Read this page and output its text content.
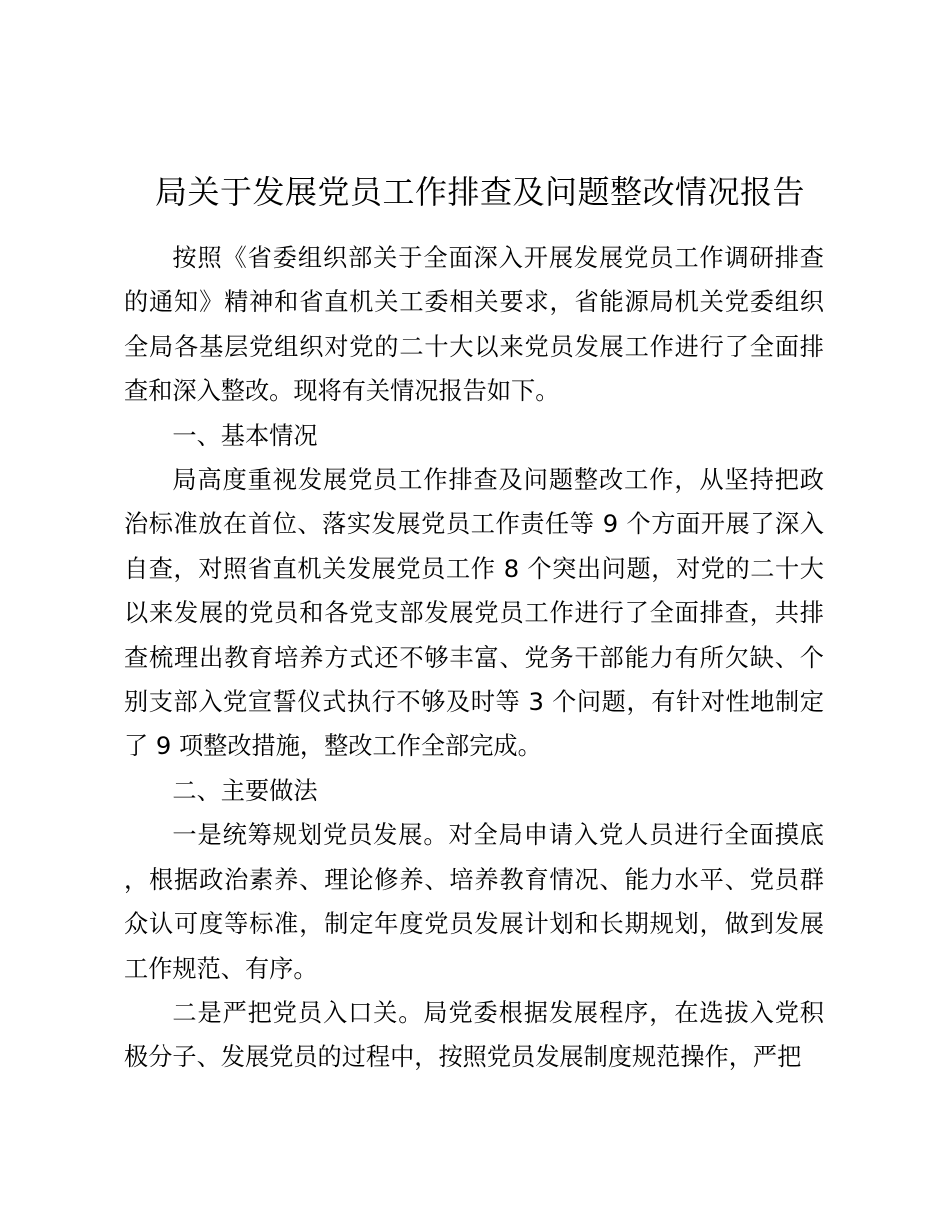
局关于发展党员工作排查及问题整改情况报告

按照《省委组织部关于全面深入开展发展党员工作调研排查的通知》精神和省直机关工委相关要求，省能源局机关党委组织全局各基层党组织对党的二十大以来党员发展工作进行了全面排查和深入整改。现将有关情况报告如下。

一、基本情况

局高度重视发展党员工作排查及问题整改工作，从坚持把政治标准放在首位、落实发展党员工作责任等 9 个方面开展了深入自查，对照省直机关发展党员工作 8 个突出问题，对党的二十大以来发展的党员和各党支部发展党员工作进行了全面排查，共排查梳理出教育培养方式还不够丰富、党务干部能力有所欠缺、个别支部入党宣誓仪式执行不够及时等 3 个问题，有针对性地制定了 9 项整改措施，整改工作全部完成。

二、主要做法

一是统筹规划党员发展。对全局申请入党人员进行全面摸底，根据政治素养、理论修养、培养教育情况、能力水平、党员群众认可度等标准，制定年度党员发展计划和长期规划，做到发展工作规范、有序。

二是严把党员入口关。局党委根据发展程序，在选拔入党积极分子、发展党员的过程中，按照党员发展制度规范操作，严把
